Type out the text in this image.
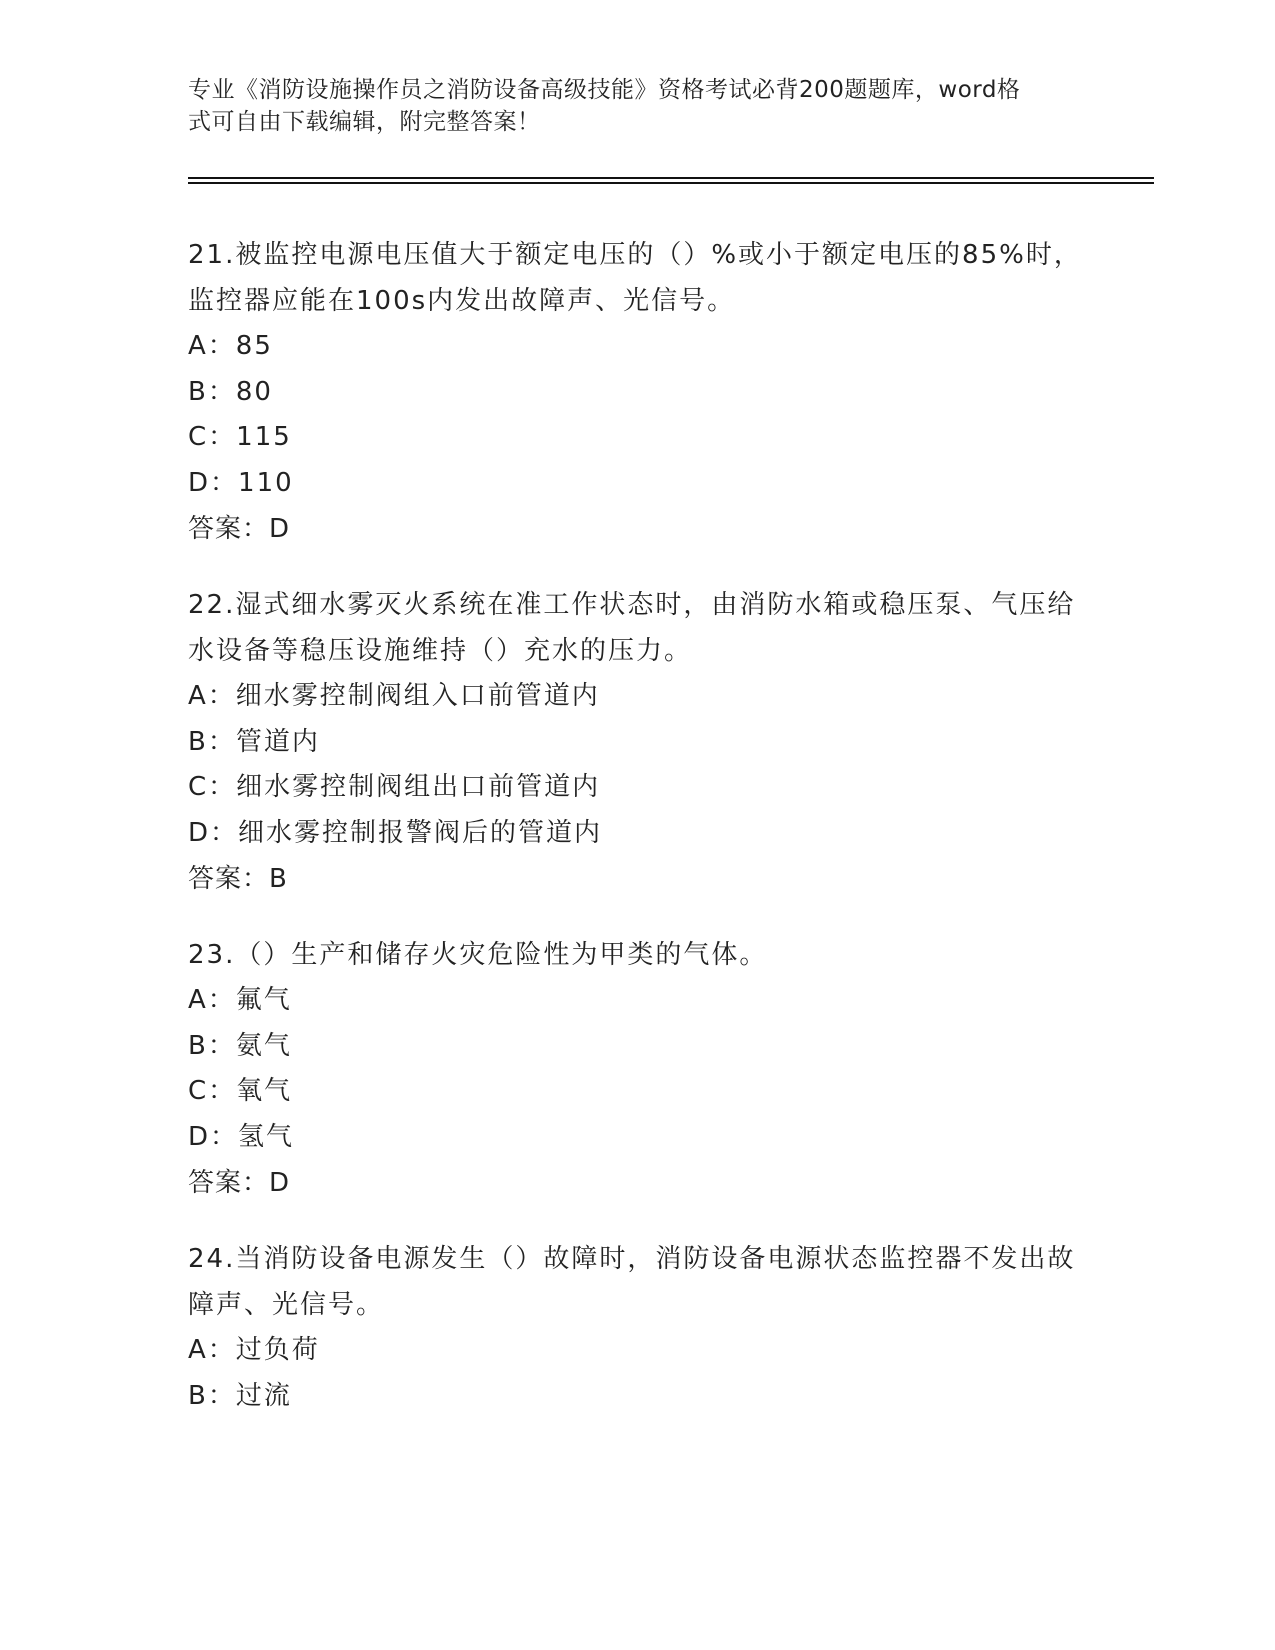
专业《消防设施操作员之消防设备高级技能》资格考试必背200题题库，word格
式可自由下载编辑，附完整答案！

21.被监控电源电压值大于额定电压的（）%或小于额定电压的85%时，监控器应能在100s内发出故障声、光信号。

A：85

B：80

C：115

D：110

答案：D

22.湿式细水雾灭火系统在准工作状态时，由消防水箱或稳压泵、气压给水设备等稳压设施维持（）充水的压力。

A：细水雾控制阀组入口前管道内

B：管道内

C：细水雾控制阀组出口前管道内

D：细水雾控制报警阀后的管道内

答案：B

23.（）生产和储存火灾危险性为甲类的气体。

A：氟气

B：氨气

C：氧气

D：氢气

答案：D

24.当消防设备电源发生（）故障时，消防设备电源状态监控器不发出故障声、光信号。

A：过负荷

B：过流
